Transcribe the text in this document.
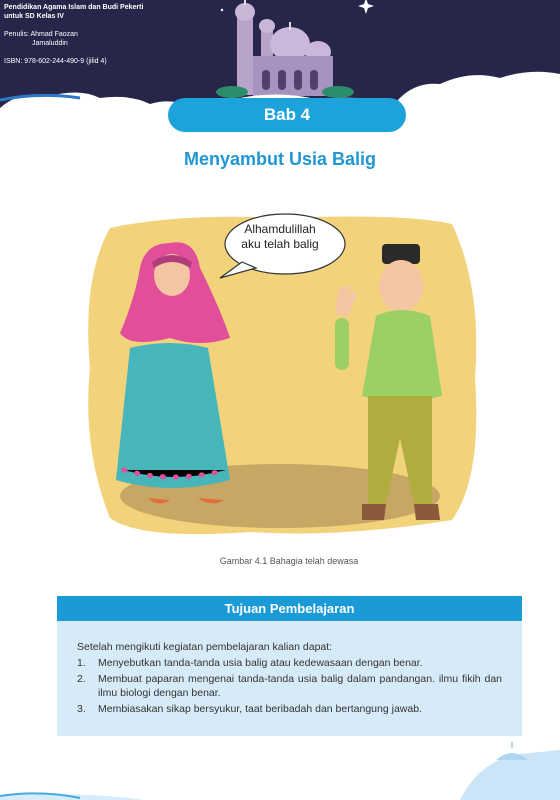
Pendidikan Agama Islam dan Budi Pekerti
untuk SD Kelas IV
Penulis: Ahmad Faozan
Jamaluddin
ISBN: 978-602-244-490-9 (jilid 4)
Bab 4
Menyambut Usia Balig
Alhamdulillah
aku telah balig
Gambar 4.1 Bahagia telah dewasa
Tujuan Pembelajaran
Setelah mengikuti kegiatan pembelajaran kalian dapat:
1.	Menyebutkan tanda-tanda usia balig atau kedewasaan dengan benar.
2.	Membuat paparan mengenai tanda-tanda usia balig dalam pandangan. ilmu fikih dan ilmu biologi dengan benar.
3.	Membiasakan sikap bersyukur, taat beribadah dan bertangung jawab.
